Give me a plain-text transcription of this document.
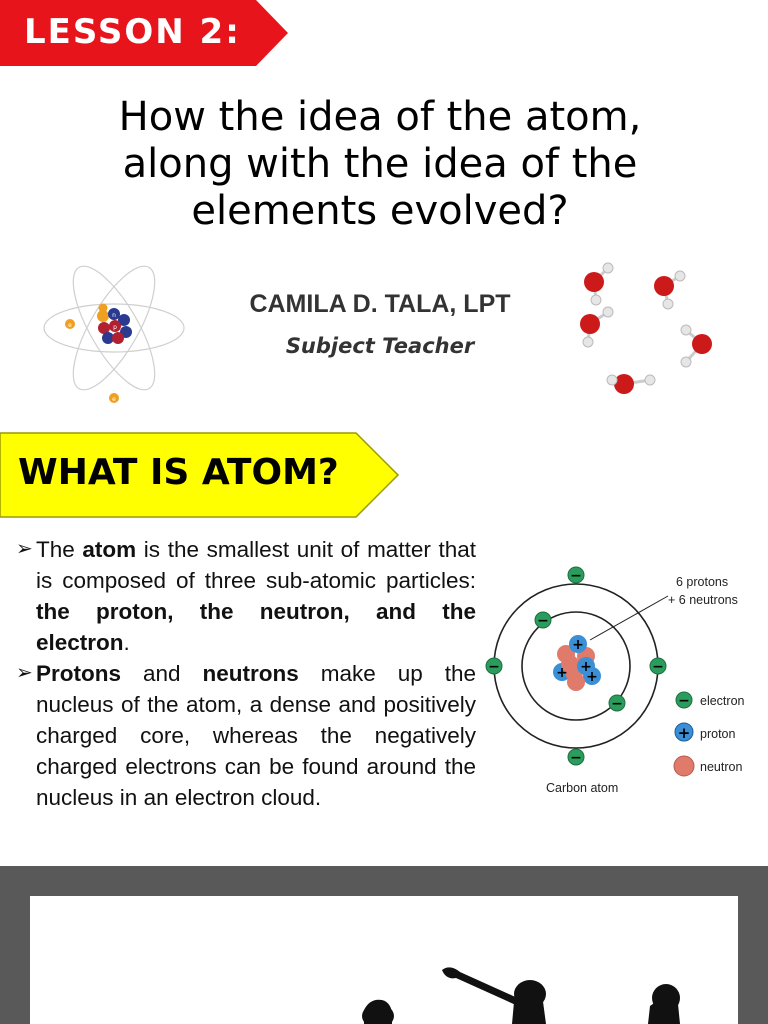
LESSON 2:
How the idea of the atom,
along with the idea of the
elements evolved?
e
e
n
p
CAMILA D. TALA, LPT
Subject Teacher
WHAT IS ATOM?
➢ The atom is the smallest unit of matter that is composed of three sub-atomic particles: the proton, the neutron, and the electron.
➢ Protons and neutrons make up the nucleus of the atom, a dense and positively charged core, whereas the negatively charged electrons can be found around the nucleus in an electron cloud.
+
+ +
+
−
−
−	−
−
−
6 protons
+ 6 neutrons
− electron
+ proton
neutron
Carbon atom
